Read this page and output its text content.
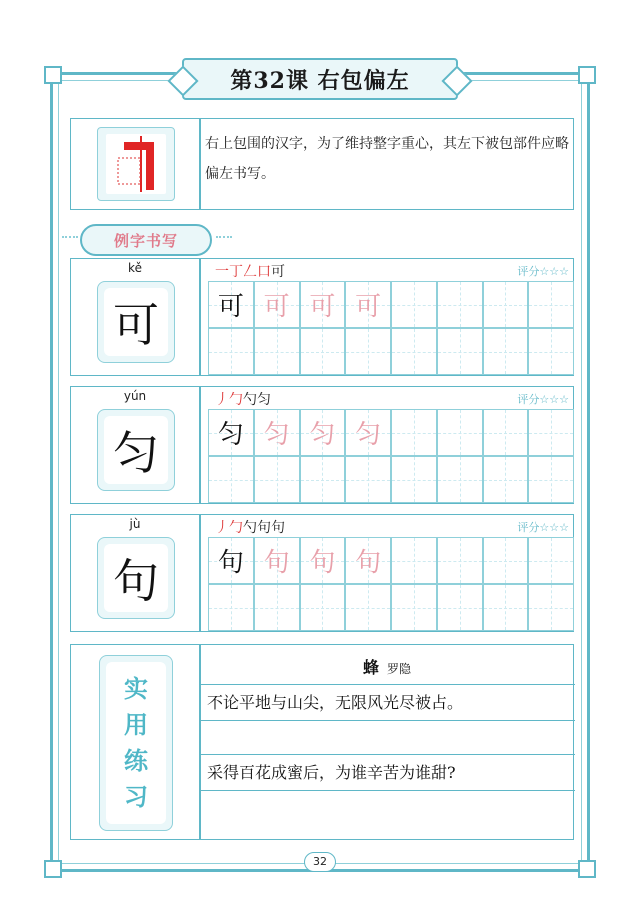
第32课 右包偏左
右上包围的汉字，为了维持整字重心，其左下被包部件应略偏左书写。
例字书写
kě
可
一丁𠃋口可	评分☆☆☆
可 可 可 可
yún
匀
丿勹勺匀	评分☆☆☆
匀 匀 匀 匀
jù
句
丿勹勺句句	评分☆☆☆
句 句 句 句
实
用
练
习
蜂 罗隐
不论平地与山尖，无限风光尽被占。
采得百花成蜜后，为谁辛苦为谁甜?
32
